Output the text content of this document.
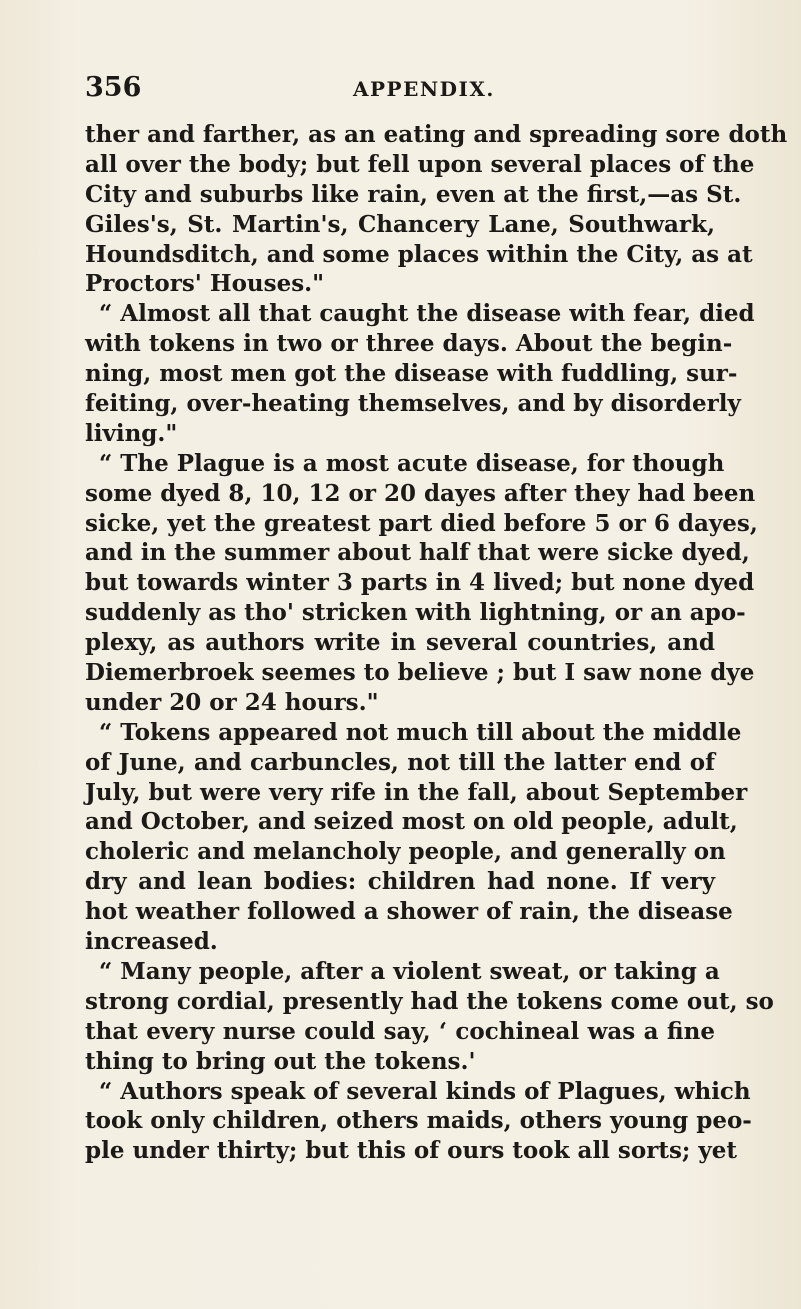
356	APPENDIX.
ther and farther, as an eating and spreading sore doth
all over the body; but fell upon several places of the
City and suburbs like rain, even at the first,—as St.
Giles's, St. Martin's, Chancery Lane, Southwark,
Houndsditch, and some places within the City, as at
Proctors' Houses."
“ Almost all that caught the disease with fear, died
with tokens in two or three days. About the begin-
ning, most men got the disease with fuddling, sur-
feiting, over-heating themselves, and by disorderly
living."
“ The Plague is a most acute disease, for though
some dyed 8, 10, 12 or 20 dayes after they had been
sicke, yet the greatest part died before 5 or 6 dayes,
and in the summer about half that were sicke dyed,
but towards winter 3 parts in 4 lived; but none dyed
suddenly as tho' stricken with lightning, or an apo-
plexy, as authors write in several countries, and
Diemerbroek seemes to believe ; but I saw none dye
under 20 or 24 hours."
“ Tokens appeared not much till about the middle
of June, and carbuncles, not till the latter end of
July, but were very rife in the fall, about September
and October, and seized most on old people, adult,
choleric and melancholy people, and generally on
dry and lean bodies: children had none. If very
hot weather followed a shower of rain, the disease
increased.
“ Many people, after a violent sweat, or taking a
strong cordial, presently had the tokens come out, so
that every nurse could say, ‘ cochineal was a fine
thing to bring out the tokens.'
“ Authors speak of several kinds of Plagues, which
took only children, others maids, others young peo-
ple under thirty; but this of ours took all sorts; yet
